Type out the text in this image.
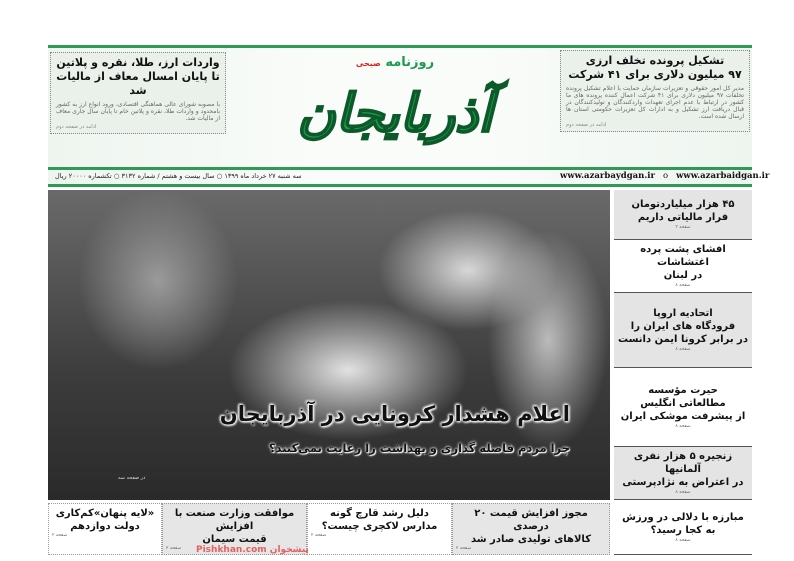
واردات ارز، طلا، نقره و پلاتین
تا پایان امسال معاف از مالیات شد

با مصوبه شورای عالی هماهنگی اقتصادی، ورود انواع ارز به کشور بامحدود و واردات طلا، نقره و پلاتین خام تا پایان سال جاری معاف از مالیات شد.

ادامه در صفحه دوم
روزنامه صبحی
آذربایجان
تشکیل پرونده تخلف ارزی
۹۷ میلیون دلاری برای ۴۱ شرکت

مدیر کل امور حقوقی و تعزیرات سازمان حمایت با اعلام تشکیل پرونده تخلفات ۹۷ میلیون دلاری برای ۴۱ شرکت اعمال کننده پرونده های ما کشور در ارتباط با عدم اجرای تعهدات واردکنندگان و تولیدکنندگان در قبال دریافت ارز تشکیل و به ادارات کل تعزیرات حکومتی استان ها ارسال شده است.

ادامه در صفحه دوم
سه شنبه ۲۷ خرداد ماه ۱۳۹۹ ○ سال بیست و هشتم / شماره ۳۱۳۲ ○ تکشماره ۲۰۰۰۰ ریال	www.azarbaydgan.ir o www.azarbaidgan.ir
اعلام هشدار کرونایی در آذربایجان
چرا مردم فاصله گذاری و بهداشت را رعایت نمی‌کنند؟
در صفحه سه
۴۵ هزار میلیاردتومان
فرار مالیاتی داریم
صفحه ۳
افشای پشت پرده اغتشاشات
در لبنان
صفحه ۸
اتحادیه اروپا
فرودگاه های ایران را
در برابر کرونا ایمن دانست
صفحه ۸
حیرت مؤسسه
مطالعاتی انگلیس
از پیشرفت موشکی ایران
صفحه ۸
زنجیره ۵ هزار نفری آلمانیها
در اعتراض به نژادپرستی
صفحه ۸
مبارزه با دلالی در ورزش
به کجا رسید؟
صفحه ۸
مجوز افزایش قیمت ۲۰ درصدی
کالاهای تولیدی صادر شد
صفحه ۲
دلیل رشد قارچ گونه
مدارس لاکچری چیست؟
صفحه ۲
موافقت وزارت صنعت با افزایش
قیمت سیمان
صفحه ۲
«لایه پنهان»کم‌کاری
دولت دوازدهم
صفحه ۲
Pishkhan.com پیشخوان
